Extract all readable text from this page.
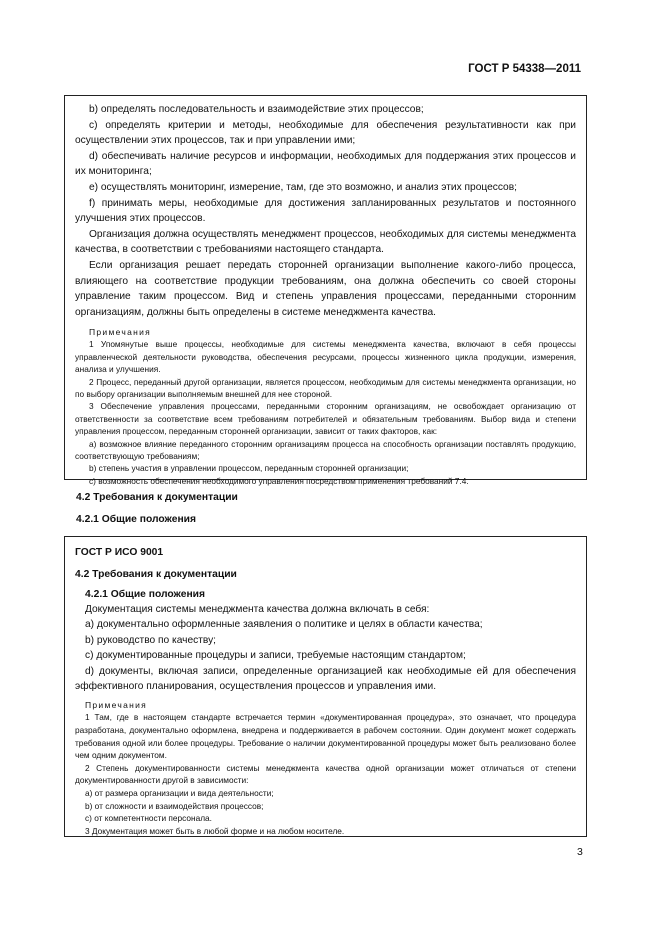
ГОСТ Р 54338—2011

b) определять последовательность и взаимодействие этих процессов;

c) определять критерии и методы, необходимые для обеспечения результативности как при осуществлении этих процессов, так и при управлении ими;

d) обеспечивать наличие ресурсов и информации, необходимых для поддержания этих процессов и их мониторинга;

e) осуществлять мониторинг, измерение, там, где это возможно, и анализ этих процессов;

f) принимать меры, необходимые для достижения запланированных результатов и постоянного улучшения этих процессов.

Организация должна осуществлять менеджмент процессов, необходимых для системы менеджмента качества, в соответствии с требованиями настоящего стандарта.

Если организация решает передать сторонней организации выполнение какого-либо процесса, влияющего на соответствие продукции требованиям, она должна обеспечить со своей стороны управление таким процессом. Вид и степень управления процессами, переданными сторонним организациям, должны быть определены в системе менеджмента качества.

Примечания

1 Упомянутые выше процессы, необходимые для системы менеджмента качества, включают в себя процессы управленческой деятельности руководства, обеспечения ресурсами, процессы жизненного цикла продукции, измерения, анализа и улучшения.

2 Процесс, переданный другой организации, является процессом, необходимым для системы менеджмента организации, но по выбору организации выполняемым внешней для нее стороной.

3 Обеспечение управления процессами, переданными сторонним организациям, не освобождает организацию от ответственности за соответствие всем требованиям потребителей и обязательным требованиям. Выбор вида и степени управления процессом, переданным сторонней организации, зависит от таких факторов, как:

a) возможное влияние переданного сторонним организациям процесса на способность организации поставлять продукцию, соответствующую требованиям;

b) степень участия в управлении процессом, переданным сторонней организации;

c) возможность обеспечения необходимого управления посредством применения требований 7.4.

4.2 Требования к документации
4.2.1 Общие положения

ГОСТ Р ИСО 9001

4.2 Требования к документации

4.2.1 Общие положения

Документация системы менеджмента качества должна включать в себя:

a) документально оформленные заявления о политике и целях в области качества;

b) руководство по качеству;

c) документированные процедуры и записи, требуемые настоящим стандартом;

d) документы, включая записи, определенные организацией как необходимые ей для обеспечения эффективного планирования, осуществления процессов и управления ими.

Примечания

1 Там, где в настоящем стандарте встречается термин «документированная процедура», это означает, что процедура разработана, документально оформлена, внедрена и поддерживается в рабочем состоянии. Один документ может содержать требования одной или более процедуры. Требование о наличии документированной процедуры может быть реализовано более чем одним документом.

2 Степень документированности системы менеджмента качества одной организации может отличаться от степени документированности другой в зависимости:

a) от размера организации и вида деятельности;

b) от сложности и взаимодействия процессов;

c) от компетентности персонала.

3 Документация может быть в любой форме и на любом носителе.

3
